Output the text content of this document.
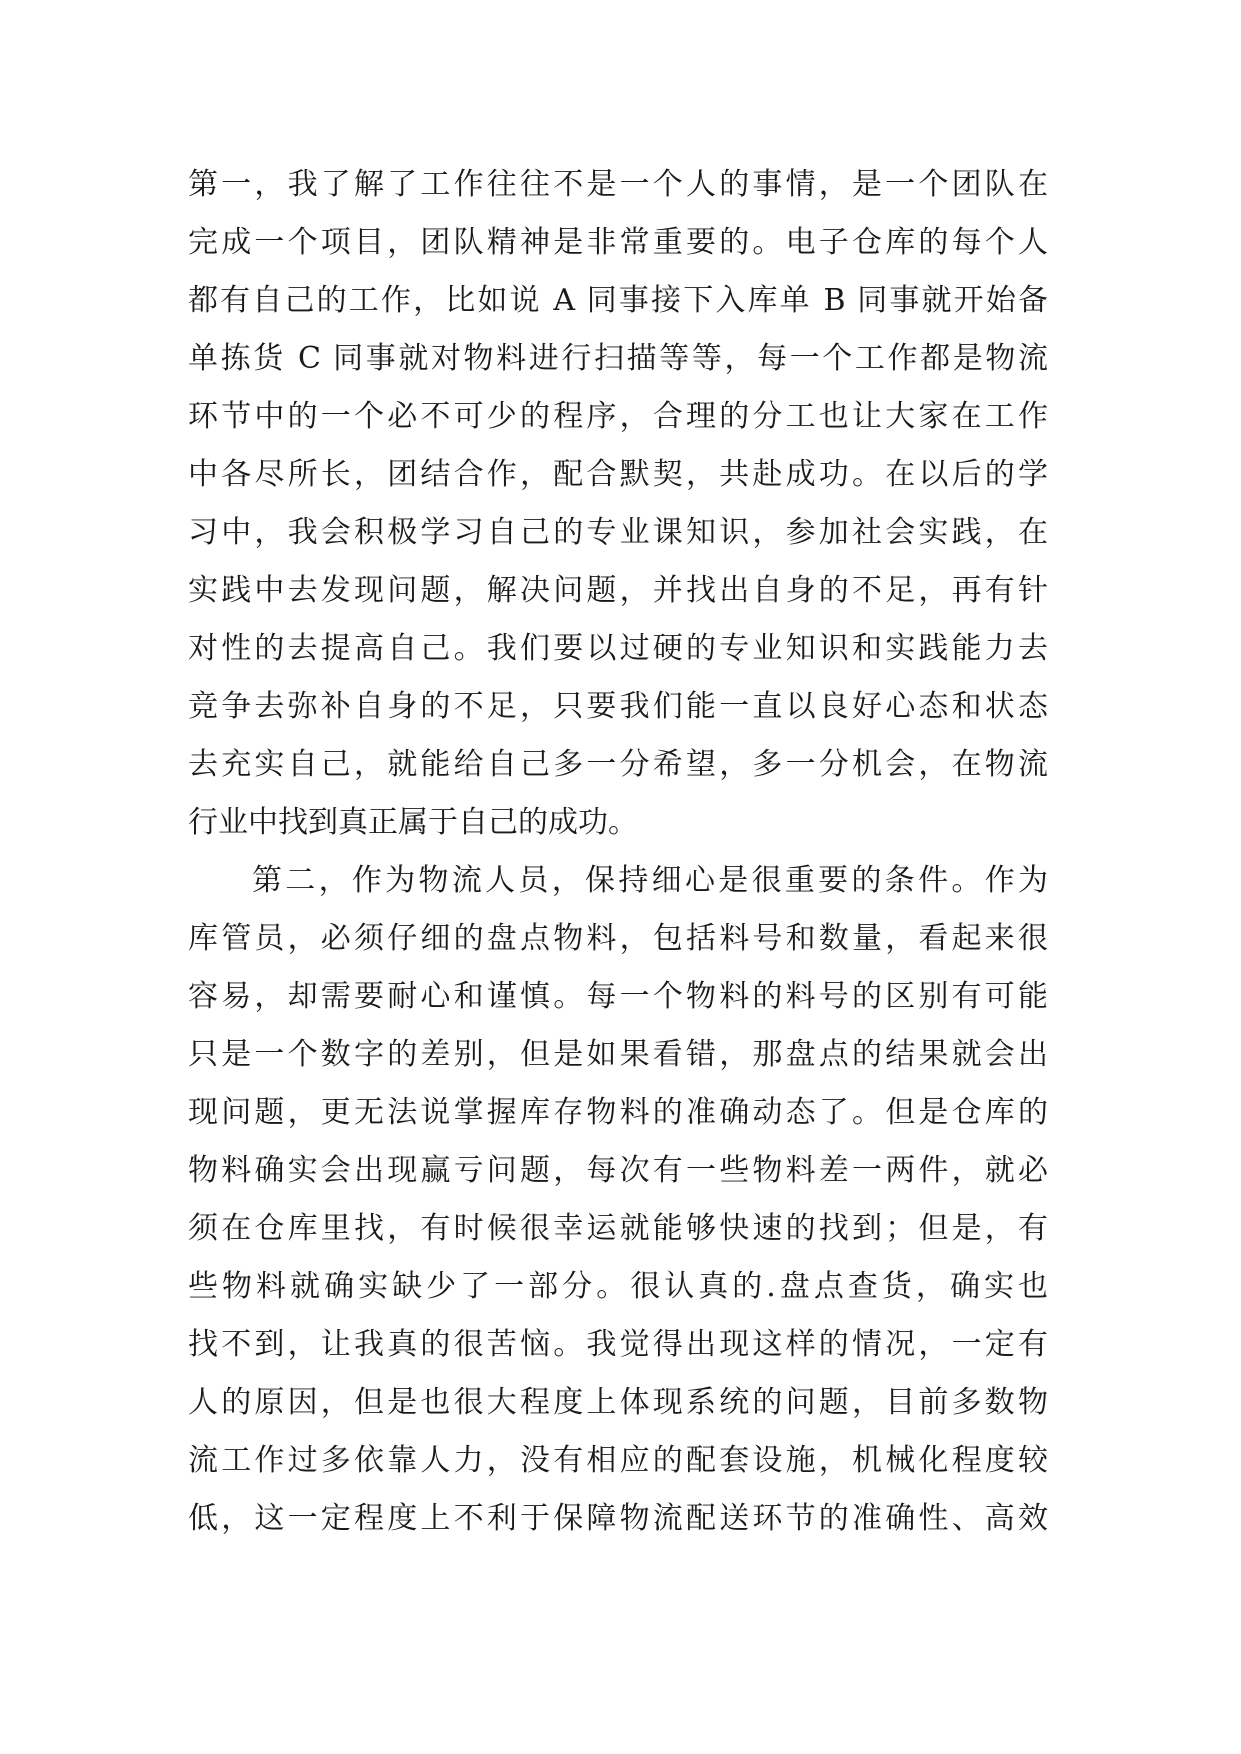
第一，我了解了工作往往不是一个人的事情，是一个团队在
完成一个项目，团队精神是非常重要的。电子仓库的每个人
都有自己的工作，比如说 A 同事接下入库单 B 同事就开始备
单拣货 C 同事就对物料进行扫描等等，每一个工作都是物流
环节中的一个必不可少的程序，合理的分工也让大家在工作
中各尽所长，团结合作，配合默契，共赴成功。在以后的学
习中，我会积极学习自己的专业课知识，参加社会实践，在
实践中去发现问题，解决问题，并找出自身的不足，再有针
对性的去提高自己。我们要以过硬的专业知识和实践能力去
竞争去弥补自身的不足，只要我们能一直以良好心态和状态
去充实自己，就能给自己多一分希望，多一分机会，在物流
行业中找到真正属于自己的成功。
第二，作为物流人员，保持细心是很重要的条件。作为
库管员，必须仔细的盘点物料，包括料号和数量，看起来很
容易，却需要耐心和谨慎。每一个物料的料号的区别有可能
只是一个数字的差别，但是如果看错，那盘点的结果就会出
现问题，更无法说掌握库存物料的准确动态了。但是仓库的
物料确实会出现赢亏问题，每次有一些物料差一两件，就必
须在仓库里找，有时候很幸运就能够快速的找到；但是，有
些物料就确实缺少了一部分。很认真的.盘点查货，确实也
找不到，让我真的很苦恼。我觉得出现这样的情况，一定有
人的原因，但是也很大程度上体现系统的问题，目前多数物
流工作过多依靠人力，没有相应的配套设施，机械化程度较
低，这一定程度上不利于保障物流配送环节的准确性、高效
